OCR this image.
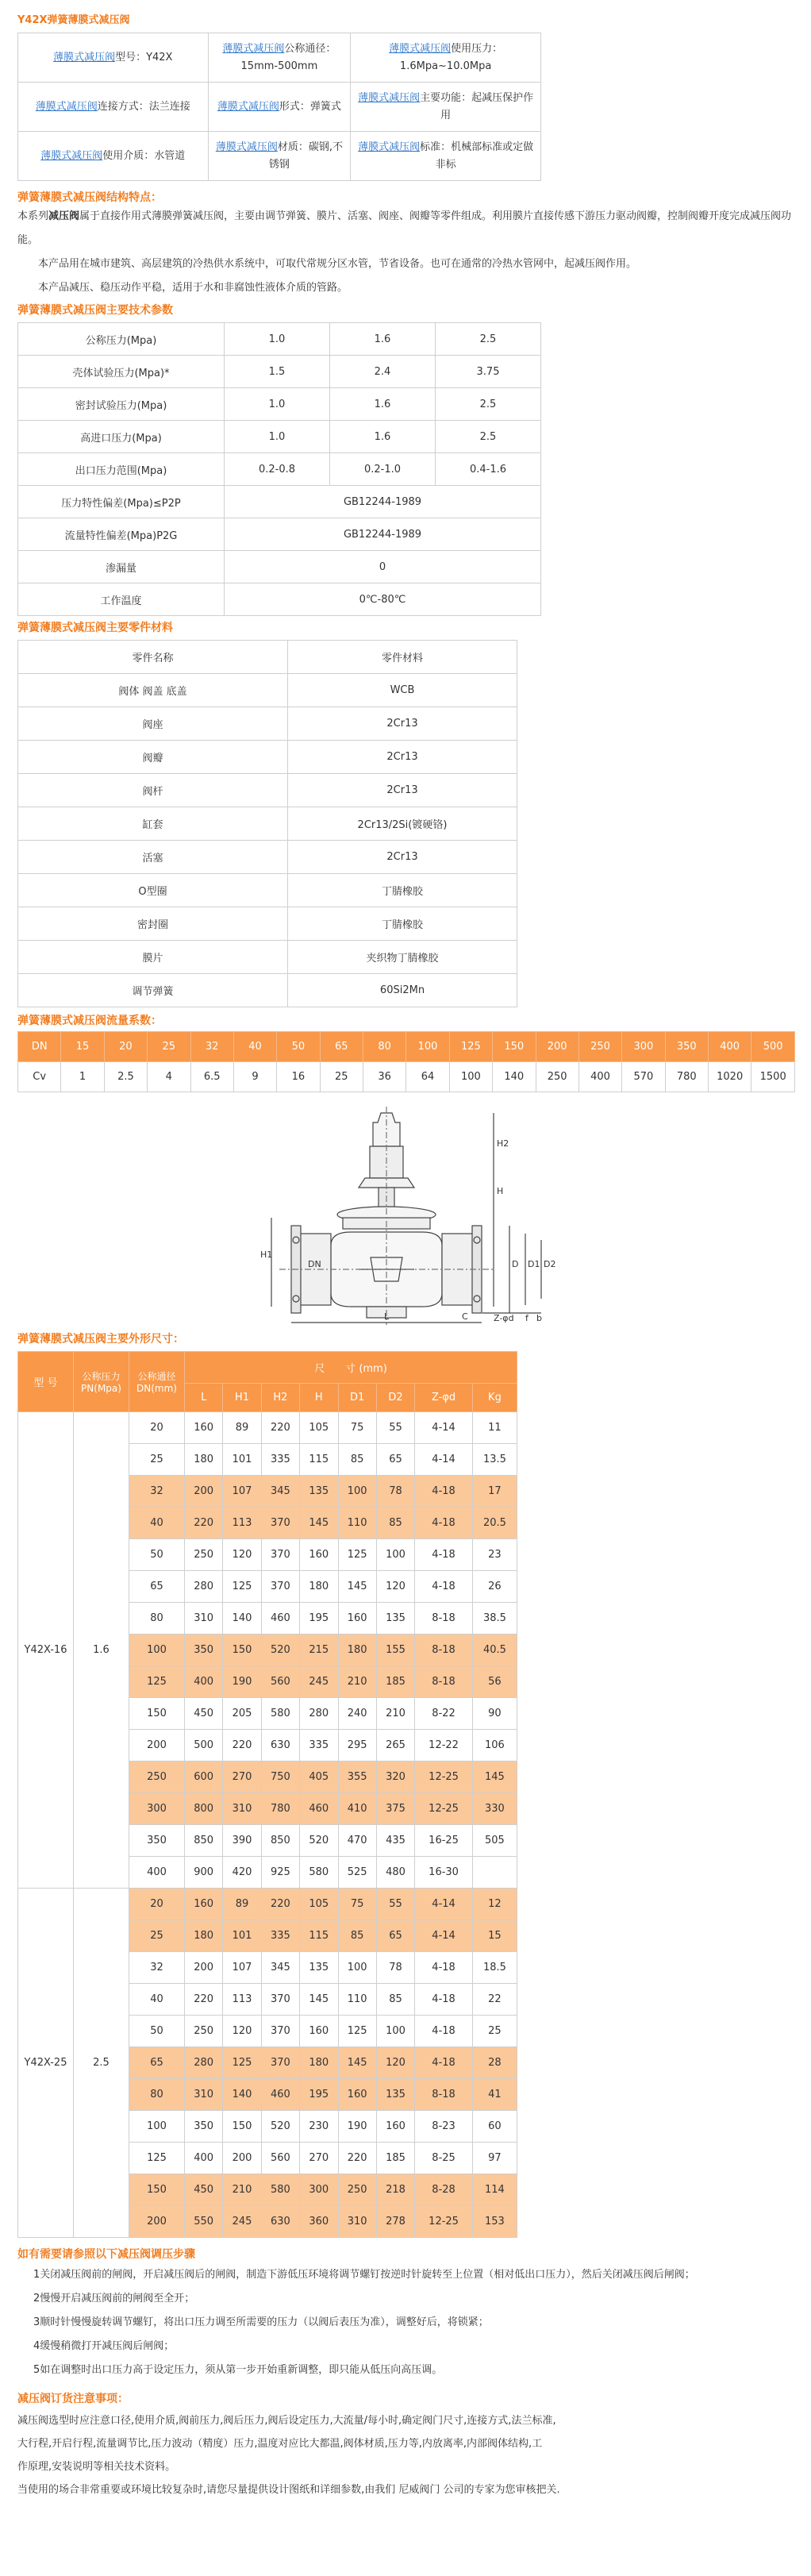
Y42X弹簧薄膜式减压阀
薄膜式减压阀型号：Y42X	薄膜式减压阀公称通径：15mm-500mm	薄膜式减压阀使用压力：1.6Mpa~10.0Mpa
薄膜式减压阀连接方式：法兰连接	薄膜式减压阀形式：弹簧式	薄膜式减压阀主要功能：起减压保护作用
薄膜式减压阀使用介质：水管道	薄膜式减压阀材质：碳钢,不锈钢	薄膜式减压阀标准：机械部标准或定做非标
弹簧薄膜式减压阀结构特点：
本系列减压阀属于直接作用式薄膜弹簧减压阀，主要由调节弹簧、膜片、活塞、阀座、阀瓣等零件组成。利用膜片直接传感下游压力驱动阀瓣，控制阀瓣开度完成减压阀功能。
本产品用在城市建筑、高层建筑的冷热供水系统中，可取代常规分区水管，节省设备。也可在通常的冷热水管网中，起减压阀作用。
本产品减压、稳压动作平稳，适用于水和非腐蚀性液体介质的管路。
弹簧薄膜式减压阀主要技术参数
公称压力(Mpa)	1.0	1.6	2.5
壳体试验压力(Mpa)*	1.5	2.4	3.75
密封试验压力(Mpa)	1.0	1.6	2.5
高进口压力(Mpa)	1.0	1.6	2.5
出口压力范围(Mpa)	0.2-0.8	0.2-1.0	0.4-1.6
压力特性偏差(Mpa)≤P2P	GB12244-1989		
流量特性偏差(Mpa)P2G	GB12244-1989		
渗漏量	0		
工作温度	0℃-80℃		
弹簧薄膜式减压阀主要零件材料
零件名称	零件材料
阀体 阀盖 底盖	WCB
阀座	2Cr13
阀瓣	2Cr13
阀杆	2Cr13
缸套	2Cr13/2Si(镀硬铬)
活塞	2Cr13
O型圈	丁腈橡胶
密封圈	丁腈橡胶
膜片	夹织物丁腈橡胶
调节弹簧	60Si2Mn
弹簧薄膜式减压阀流量系数：
DN	15	20	25	32	40	50	65	80	100	125	150	200	250	300	350	400	500
Cv	1	2.5	4	6.5	9	16	25	36	64	100	140	250	400	570	780	1020	1500
L
H
H1
H2
D D1 D2
Z-φd
C	f b
DN
弹簧薄膜式减压阀主要外形尺寸：
型 号	公称压力PN(Mpa)	公称通径DN(mm)	尺　　寸 (mm)							
			L	H1	H2	H	D1	D2	Z-φd	Kg
Y42X-16	1.6	20	160	89	220	105	75	55	4-14	11
		25	180	101	335	115	85	65	4-14	13.5
		32	200	107	345	135	100	78	4-18	17
		40	220	113	370	145	110	85	4-18	20.5
		50	250	120	370	160	125	100	4-18	23
		65	280	125	370	180	145	120	4-18	26
		80	310	140	460	195	160	135	8-18	38.5
		100	350	150	520	215	180	155	8-18	40.5
		125	400	190	560	245	210	185	8-18	56
		150	450	205	580	280	240	210	8-22	90
		200	500	220	630	335	295	265	12-22	106
		250	600	270	750	405	355	320	12-25	145
		300	800	310	780	460	410	375	12-25	330
		350	850	390	850	520	470	435	16-25	505
		400	900	420	925	580	525	480	16-30	
Y42X-25	2.5	20	160	89	220	105	75	55	4-14	12
		25	180	101	335	115	85	65	4-14	15
		32	200	107	345	135	100	78	4-18	18.5
		40	220	113	370	145	110	85	4-18	22
		50	250	120	370	160	125	100	4-18	25
		65	280	125	370	180	145	120	4-18	28
		80	310	140	460	195	160	135	8-18	41
		100	350	150	520	230	190	160	8-23	60
		125	400	200	560	270	220	185	8-25	97
		150	450	210	580	300	250	218	8-28	114
		200	550	245	630	360	310	278	12-25	153
如有需要请参照以下减压阀调压步骤
1关闭减压阀前的闸阀，开启减压阀后的闸阀，制造下游低压环境将调节螺钉按逆时针旋转至上位置（相对低出口压力），然后关闭减压阀后闸阀；
2慢慢开启减压阀前的闸阀至全开；
3顺时针慢慢旋转调节螺钉，将出口压力调至所需要的压力（以阀后表压为准），调整好后，将锁紧；
4缓慢稍微打开减压阀后闸阀；
5如在调整时出口压力高于设定压力，须从第一步开始重新调整，即只能从低压向高压调。
减压阀订货注意事项：
减压阀选型时应注意口径,使用介质,阀前压力,阀后压力,阀后设定压力,大流量/每小时,确定阀门尺寸,连接方式,法兰标准,
大行程,开启行程,流量调节比,压力波动（精度）压力,温度对应比大都温,阀体材质,压力等,内放离率,内部阀体结构,工
作原理,安装说明等相关技术资料。
当使用的场合非常重要或环境比较复杂时,请您尽量提供设计图纸和详细参数,由我们 尼威阀门 公司的专家为您审核把关.
